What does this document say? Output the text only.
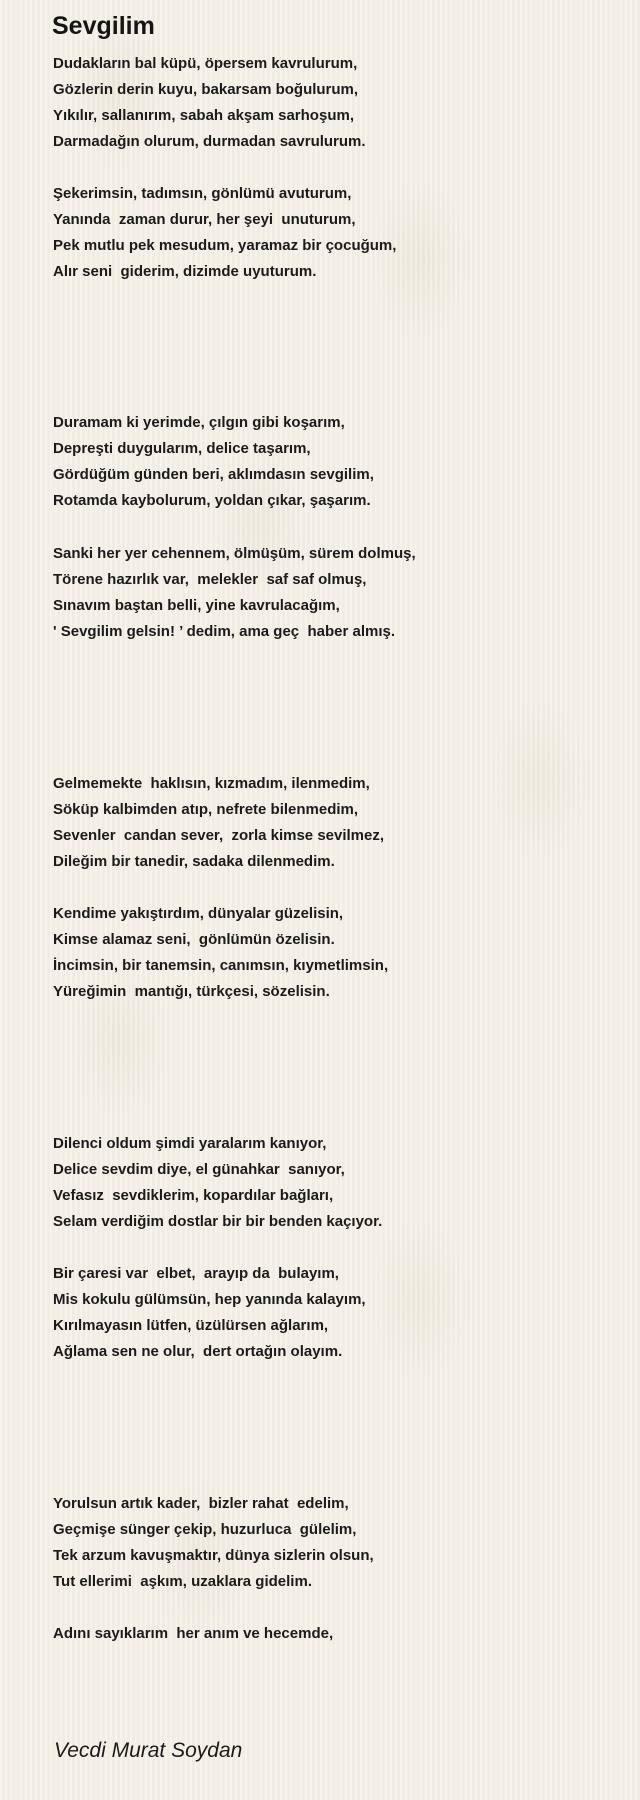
Sevgilim
Dudakların bal küpü, öpersem kavrulurum,
Gözlerin derin kuyu, bakarsam boğulurum,
Yıkılır, sallanırım, sabah akşam sarhoşum,
Darmadağın olurum, durmadan savrulurum.
Şekerimsin, tadımsın, gönlümü avuturum,
Yanında  zaman durur, her şeyi  unuturum,
Pek mutlu pek mesudum, yaramaz bir çocuğum,
Alır seni  giderim, dizimde uyuturum.
Duramam ki yerimde, çılgın gibi koşarım,
Depreşti duygularım, delice taşarım,
Gördüğüm günden beri, aklımdasın sevgilim,
Rotamda kaybolurum, yoldan çıkar, şaşarım.
Sanki her yer cehennem, ölmüşüm, sürem dolmuş,
Törene hazırlık var,  melekler  saf saf olmuş,
Sınavım baştan belli, yine kavrulacağım,
' Sevgilim gelsin! ’ dedim, ama geç  haber almış.
Gelmemekte  haklısın, kızmadım, ilenmedim,
Söküp kalbimden atıp, nefrete bilenmedim,
Sevenler  candan sever,  zorla kimse sevilmez,
Dileğim bir tanedir, sadaka dilenmedim.
Kendime yakıştırdım, dünyalar güzelisin,
Kimse alamaz seni,  gönlümün özelisin.
İncimsin, bir tanemsin, canımsın, kıymetlimsin,
Yüreğimin  mantığı, türkçesi, sözelisin.
Dilenci oldum şimdi yaralarım kanıyor,
Delice sevdim diye, el günahkar  sanıyor,
Vefasız  sevdiklerim, kopardılar bağları,
Selam verdiğim dostlar bir bir benden kaçıyor.
Bir çaresi var  elbet,  arayıp da  bulayım,
Mis kokulu gülümsün, hep yanında kalayım,
Kırılmayasın lütfen, üzülürsen ağlarım,
Ağlama sen ne olur,  dert ortağın olayım.
Yorulsun artık kader,  bizler rahat  edelim,
Geçmişe sünger çekip, huzurluca  gülelim,
Tek arzum kavuşmaktır, dünya sizlerin olsun,
Tut ellerimi  aşkım, uzaklara gidelim.
Adını sayıklarım  her anım ve hecemde,
Vecdi Murat Soydan
